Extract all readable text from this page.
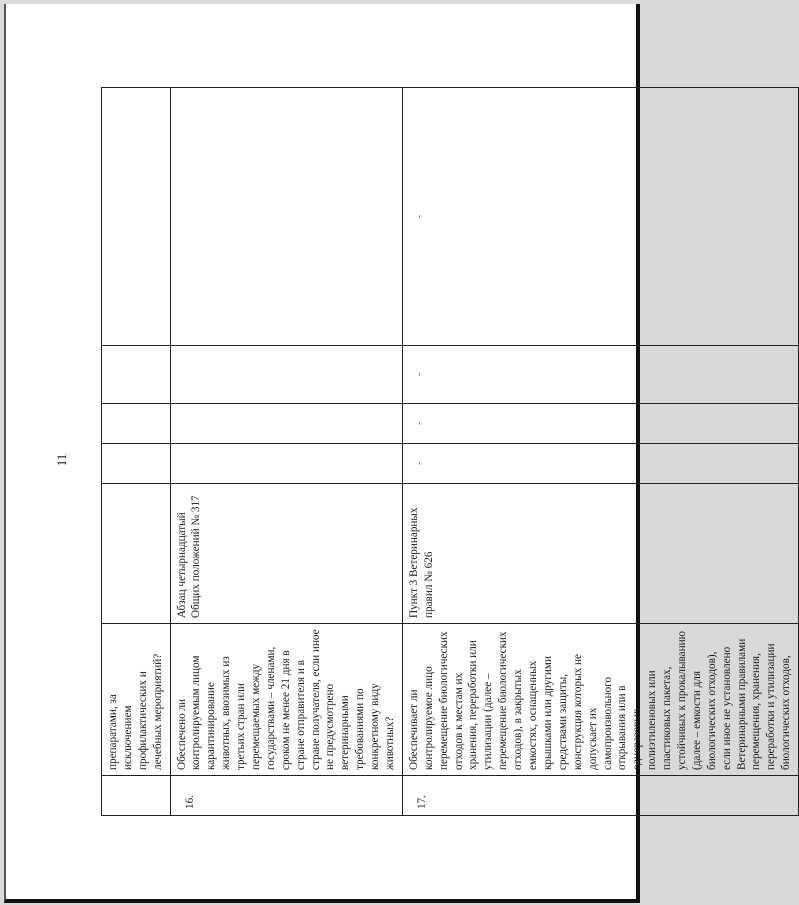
11
	препаратами, за исключением профилактических и лечебных мероприятий?					
16.	Обеспечено ли контролируемым лицом карантинирование животных, ввозимых из третьих стран или перемещаемых между государствами – членами, сроком не менее 21 дня в стране отправителя и в стране получателя, если иное не предусмотрено ветеринарными требованиями по конкретному виду животных?	Абзац четырнадцатый Общих положений № 317				
17.	Обеспечивает ли контролируемое лицо перемещение биологических отходов к местам их хранения, переработки или утилизации (далее – перемещение биологических отходов), в закрытых емкостях, оснащенных крышками или другими средствами защиты, конструкция которых не допускает их самопроизвольного открывания или в одноразовых полиэтиленовых или пластиковых пакетах, устойчивых к прокалыванию (далее – емкости для биологических отходов), если иное не установлено Ветеринарными правилами перемещения, хранения, переработки и утилизации биологических отходов,	Пункт 3 Ветеринарных правил № 626	-	-	-	-
